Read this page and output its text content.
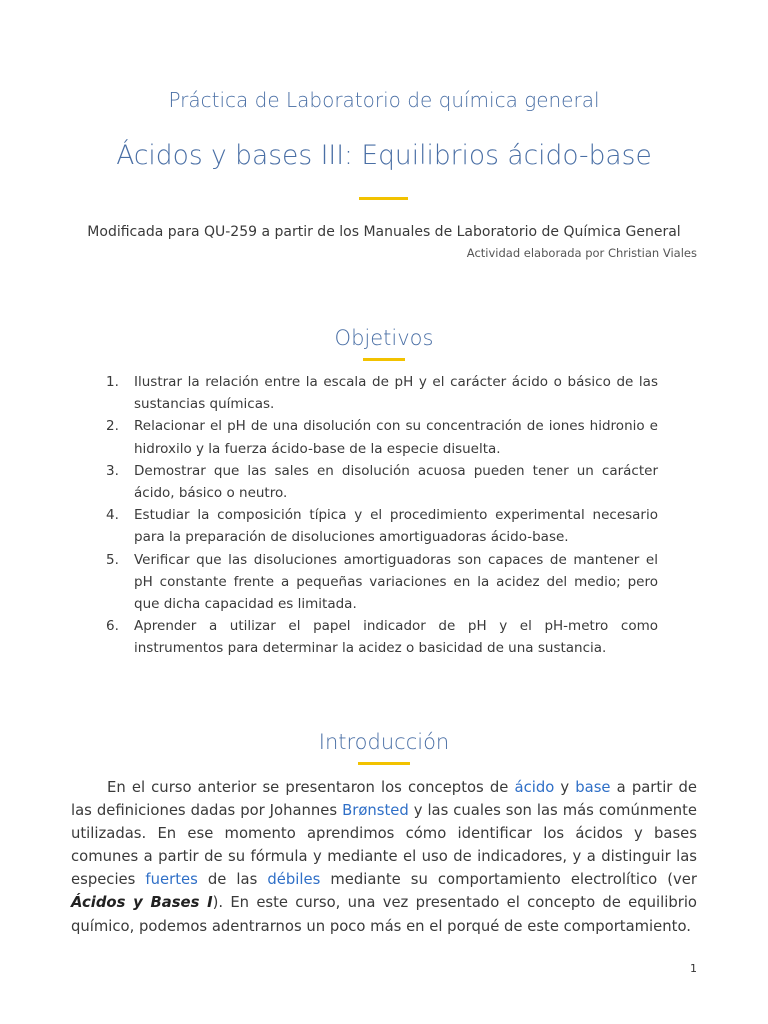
Práctica de Laboratorio de química general
Ácidos y bases III: Equilibrios ácido-base
Modificada para QU-259 a partir de los Manuales de Laboratorio de Química General
Actividad elaborada por Christian Viales
Objetivos
1. Ilustrar la relación entre la escala de pH y el carácter ácido o básico de las sustancias químicas.
2. Relacionar el pH de una disolución con su concentración de iones hidronio e hidroxilo y la fuerza ácido-base de la especie disuelta.
3. Demostrar que las sales en disolución acuosa pueden tener un carácter ácido, básico o neutro.
4. Estudiar la composición típica y el procedimiento experimental necesario para la preparación de disoluciones amortiguadoras ácido-base.
5. Verificar que las disoluciones amortiguadoras son capaces de mantener el pH constante frente a pequeñas variaciones en la acidez del medio; pero que dicha capacidad es limitada.
6. Aprender a utilizar el papel indicador de pH y el pH-metro como instrumentos para determinar la acidez o basicidad de una sustancia.
Introducción

En el curso anterior se presentaron los conceptos de ácido y base a partir de las definiciones dadas por Johannes Brønsted y las cuales son las más comúnmente utilizadas. En ese momento aprendimos cómo identificar los ácidos y bases comunes a partir de su fórmula y mediante el uso de indicadores, y a distinguir las especies fuertes de las débiles mediante su comportamiento electrolítico (ver Ácidos y Bases I). En este curso, una vez presentado el concepto de equilibrio químico, podemos adentrarnos un poco más en el porqué de este comportamiento.

1
